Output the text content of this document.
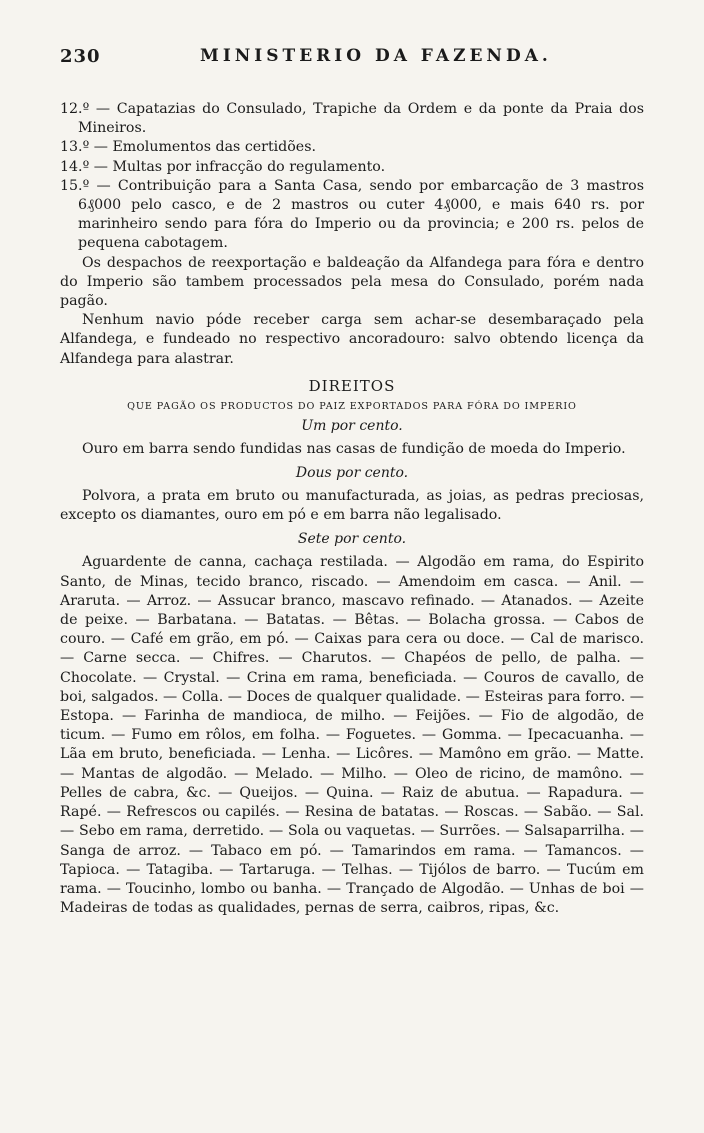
230	MINISTERIO DA FAZENDA.

12.º — Capatazias do Consulado, Trapiche da Ordem e da ponte da Praia dos Mineiros.

13.º — Emolumentos das certidões.

14.º — Multas por infracção do regulamento.

15.º — Contribuição para a Santa Casa, sendo por embarcação de 3 mastros 6₰000 pelo casco, e de 2 mastros ou cuter 4₰000, e mais 640 rs. por marinheiro sendo para fóra do Imperio ou da provincia; e 200 rs. pelos de pequena cabotagem.

Os despachos de reexportação e baldeação da Alfandega para fóra e dentro do Imperio são tambem processados pela mesa do Consulado, porém nada pagão.

Nenhum navio póde receber carga sem achar-se desembaraçado pela Alfandega, e fundeado no respectivo ancoradouro: salvo obtendo licença da Alfandega para alastrar.

DIREITOS
QUE PAGÃO OS PRODUCTOS DO PAIZ EXPORTADOS PARA FÓRA DO IMPERIO
Um por cento.

Ouro em barra sendo fundidas nas casas de fundição de moeda do Imperio.

Dous por cento.

Polvora, a prata em bruto ou manufacturada, as joias, as pedras preciosas, excepto os diamantes, ouro em pó e em barra não legalisado.

Sete por cento.

Aguardente de canna, cachaça restilada. — Algodão em rama, do Espirito Santo, de Minas, tecido branco, riscado. — Amendoim em casca. — Anil. — Araruta. — Arroz. — Assucar branco, mascavo refinado. — Atanados. — Azeite de peixe. — Barbatana. — Batatas. — Bêtas. — Bolacha grossa. — Cabos de couro. — Café em grão, em pó. — Caixas para cera ou doce. — Cal de marisco. — Carne secca. — Chifres. — Charutos. — Chapéos de pello, de palha. — Chocolate. — Crystal. — Crina em rama, beneficiada. — Couros de cavallo, de boi, salgados. — Colla. — Doces de qualquer qualidade. — Esteiras para forro. — Estopa. — Farinha de mandioca, de milho. — Feijões. — Fio de algodão, de ticum. — Fumo em rôlos, em folha. — Foguetes. — Gomma. — Ipecacuanha. — Lãa em bruto, beneficiada. — Lenha. — Licôres. — Mamôno em grão. — Matte. — Mantas de algodão. — Melado. — Milho. — Oleo de ricino, de mamôno. — Pelles de cabra, &c. — Queijos. — Quina. — Raiz de abutua. — Rapadura. — Rapé. — Refrescos ou capilés. — Resina de batatas. — Roscas. — Sabão. — Sal. — Sebo em rama, derretido. — Sola ou vaquetas. — Surrões. — Salsaparrilha. — Sanga de arroz. — Tabaco em pó. — Tamarindos em rama. — Tamancos. — Tapioca. — Tatagiba. — Tartaruga. — Telhas. — Tijólos de barro. — Tucúm em rama. — Toucinho, lombo ou banha. — Trançado de Algodão. — Unhas de boi — Madeiras de todas as qualidades, pernas de serra, caibros, ripas, &c.
